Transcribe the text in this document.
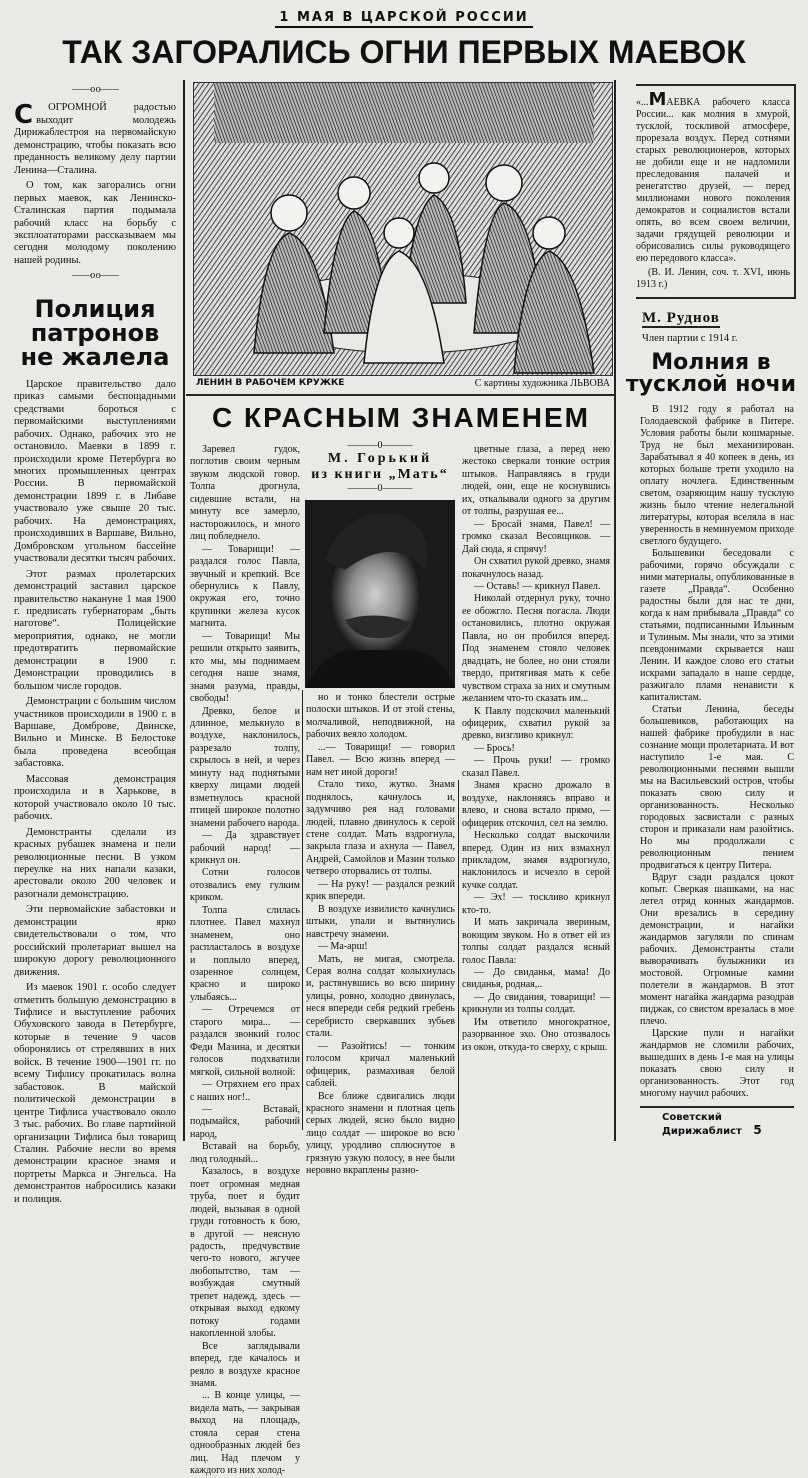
1 МАЯ В ЦАРСКОЙ РОССИИ
ТАК ЗАГОРАЛИСЬ ОГНИ ПЕРВЫХ МАЕВОК
——o o——
С	ОГРОМНОЙ радостью выходит молодежь Дирижаблестроя на первомайскую демонстрацию, чтобы показать всю преданность великому делу партии Ленина—Сталина.

О том, как загорались огни первых маевок, как Ленинско-Сталинская партия подымала рабочий класс на борьбу с эксплоататорами рассказываем мы сегодня молодому поколению нашей родины.

——o o——
Полиция патронов не жалела

Царское правительство дало приказ самыми беспощадными средствами бороться с первомайскими выступлениями рабочих. Однако, рабочих это не остановило. Маевки в 1899 г. происходили кроме Петербурга во многих промышленных центрах России. В первомайской демонстрации 1899 г. в Либаве участвовало уже свыше 20 тыс. рабочих. На демонстрациях, происходивших в Варшаве, Вильно, Домбровском угольном бассейне участвовали десятки тысяч рабочих.

Этот размах пролетарских демонстраций заставил царское правительство накануне 1 мая 1900 г. предписать губернаторам „быть наготове“. Полицейские мероприятия, однако, не могли предотвратить первомайские демонстрации в 1900 г. Демонстрации проводились в большом числе городов.

Демонстрации с большим числом участников происходили в 1900 г. в Варшаве, Домброве, Двинске, Вильно и Минске. В Белостоке была проведена всеобщая забастовка.

Массовая демонстрация происходила и в Харькове, в которой участвовало около 10 тыс. рабочих.

Демонстранты сделали из красных рубашек знамена и пели революционные песни. В узком переулке на них напали казаки, арестовали около 200 человек и разогнали демонстрацию.

Эти первомайские забастовки и демонстрации ярко свидетельствовали о том, что российский пролетариат вышел на широкую дорогу революционного движения.

Из маевок 1901 г. особо следует отметить большую демонстрацию в Тифлисе и выступление рабочих Обуховского завода в Петербурге, которые в течение 9 часов оборонялись от стрелявших в них войск. В течение 1900—1901 гг. по всему Тифлису прокатилась волна забастовок. В майской политической демонстрации в центре Тифлиса участвовало около 3 тыс. рабочих. Во главе партийной организации Тифлиса был товарищ Сталин. Рабочие несли во время демонстрации красное знамя и портреты Маркса и Энгельса. На демонстрантов набросились казаки и полиция.

ЛЕНИН В РАБОЧЕМ КРУЖКЕ	С картины художника ЛЬВОВА
С КРАСНЫМ ЗНАМЕНЕМ

Заревел гудок, поглотив своим черным звуком людской говор. Толпа дрогнула, сидевшие встали, на минуту все замерло, насторожилось, и много лиц побледнело.

— Товарищи! — раздался голос Павла, звучный и крепкий. Все обернулись к Павлу, окружая его, точно крупинки железа кусок магнита.

— Товарищи! Мы решили открыто заявить, кто мы, мы поднимаем сегодня наше знамя, знамя разума, правды, свободы!

Древко, белое и длинное, мелькнуло в воздухе, наклонилось, разрезало толпу, скрылось в ней, и через минуту над поднятыми кверху лицами людей взметнулось красной птицей широкое полотно знамени рабочего народа.

— Да здравствует рабочий народ! — крикнул он.

Сотни голосов отозвались ему гулким криком.

Толпа слилась плотнее. Павел махнул знаменем, оно распласталось в воздухе и поплыло вперед, озаренное солнцем, красно и широко улыбаясь...

— Отречемся от старого мира... — раздался звонкий голос Феди Мазина, и десятки голосов подхватили мягкой, сильной волной:

— Отряхнем его прах с наших ног!..

— Вставай, подымайся, рабочий народ,

Вставай на борьбу, люд голодный...

Казалось, в воздухе поет огромная медная труба, поет и будит людей, вызывая в одной груди готовность к бою, в другой — неясную радость, предчувствие чего-то нового, жгучее любопытство, там — возбуждая смутный трепет надежд, здесь — открывая выход едкому потоку годами накопленной злобы.

Все заглядывали вперед, где качалось и реяло в воздухе красное знамя.

... В конце улицы, — видела мать, — закрывая выход на площадь, стояла серая стена однообразных людей без лиц. Над плечом у каждого из них холод-

———0———
М. Горький
из книги „Мать“
———0———

но и тонко блестели острые полоски штыков. И от этой стены, молчаливой, неподвижной, на рабочих веяло холодом.

...— Товарищи! — говорил Павел. — Всю жизнь вперед — нам нет иной дороги!

Стало тихо, жутко. Знамя поднялось, качнулось и, задумчиво рея над головами людей, плавно двинулось к серой стене солдат. Мать вздрогнула, закрыла глаза и ахнула — Павел, Андрей, Самойлов и Мазин только четверо оторвались от толпы.

— На руку! — раздался резкий крик впереди.

В воздухе извилисто качнулись штыки, упали и вытянулись навстречу знамени.

— Ма-арш!

Мать, не мигая, смотрела. Серая волна солдат колыхнулась и, растянувшись во всю ширину улицы, ровно, холодно двинулась, неся впереди себя редкий гребень серебристо сверкавших зубьев стали.

— Разойтись! — тонким голосом кричал маленький офицерик, размахивая белой саблей.

Все ближе сдвигались люди красного знамени и плотная цепь серых людей, ясно было видно лицо солдат — широкое во всю улицу, уродливо сплюснутое в грязную узкую полосу, в нее были неровно вкраплены разно-

цветные глаза, а перед нею жестоко сверкали тонкие острия штыков. Направляясь в груди людей, они, еще не коснувшись их, откалывали одного за другим от толпы, разрушая ее...

— Бросай знамя, Павел! — громко сказал Весовщиков. — Дай сюда, я спрячу!

Он схватил рукой древко, знамя покачнулось назад.

— Оставь! — крикнул Павел.

Николай отдернул руку, точно ее обожгло. Песня погасла. Люди остановились, плотно окружая Павла, но он пробился вперед. Под знаменем стояло человек двадцать, не более, но они стояли твердо, притягивая мать к себе чувством страха за них и смутным желанием что-то сказать им...

К Павлу подскочил маленький офицерик, схватил рукой за древко, визгливо крикнул:

— Брось!

— Прочь руки! — громко сказал Павел.

Знамя красно дрожало в воздухе, наклоняясь вправо и влево, и снова встало прямо, — офицерик отскочил, сел на землю.

Несколько солдат выскочили вперед. Один из них взмахнул прикладом, знамя вздрогнуло, наклонилось и исчезло в серой кучке солдат.

— Эх! — тоскливо крикнул кто-то.

И мать закричала звериным, воющим звуком. Но в ответ ей из толпы солдат раздался ясный голос Павла:

— До свиданья, мама! До свиданья, родная,..

— До свидания, товарищи! — крикнули из толпы солдат.

Им ответило многократное, разорванное эхо. Оно отозвалось из окон, откуда-то сверху, с крыш.

«...МАЕВКА рабочего класса России... как молния в хмурой, тусклой, тоскливой атмосфере, прорезала воздух. Перед сотнями старых революционеров, которых не добили еще и не надломили преследования палачей и ренегатство друзей, — перед миллионами нового поколения демократов и социалистов встали опять, во всем своем величии, задачи грядущей революции и обрисовались силы руководящего ею передового класса».

(В. И. Ленин, соч. т. XVI, июнь 1913 г.)

М. Руднов
Член партии с 1914 г.
Молния в тусклой ночи

В 1912 году я работал на Голодаевской фабрике в Питере. Условия работы были кошмарные. Труд не был механизирован. Зарабатывал я 40 копеек в день, из которых больше трети уходило на оплату ночлега. Единственным светом, озаряющим нашу тусклую жизнь было чтение нелегальной литературы, которая вселяла в нас уверенность в неминуемом приходе светлого будущего.

Большевики беседовали с рабочими, горячо обсуждали с ними материалы, опубликованные в газете „Правда“. Особенно радостны были для нас те дни, когда к нам прибывала „Правда“ со статьями, подписанными Ильиным и Тулиным. Мы знали, что за этими псевдонимами скрывается наш Ленин. И каждое слово его статьи искрами западало в наше сердце, разжигало пламя ненависти к капиталистам.

Статьи Ленина, беседы большевиков, работающих на нашей фабрике пробудили в нас сознание мощи пролетариата. И вот наступило 1-е мая. С революционными песнями вышли мы на Васильевский остров, чтобы показать свою силу и организованность. Несколько городовых засвистали с разных сторон и приказали нам разойтись. Но мы продолжали с революционным пением продвигаться к центру Питера.

Вдруг сзади раздался цокот копыт. Сверкая шашками, на нас летел отряд конных жандармов. Они врезались в середину демонстрации, и нагайки жандармов загуляли по спинам рабочих. Демонстранты стали выворачивать булыжники из мостовой. Огромные камни полетели в жандармов. В этот момент нагайка жандарма разодрав пиджак, со свистом врезалась в мое плечо.

Царские пули и нагайки жандармов не сломили рабочих, вышедших в день 1-е мая на улицы показать свою силу и организованность. Этот год многому научил рабочих.

Советский Дирижаблист 5
